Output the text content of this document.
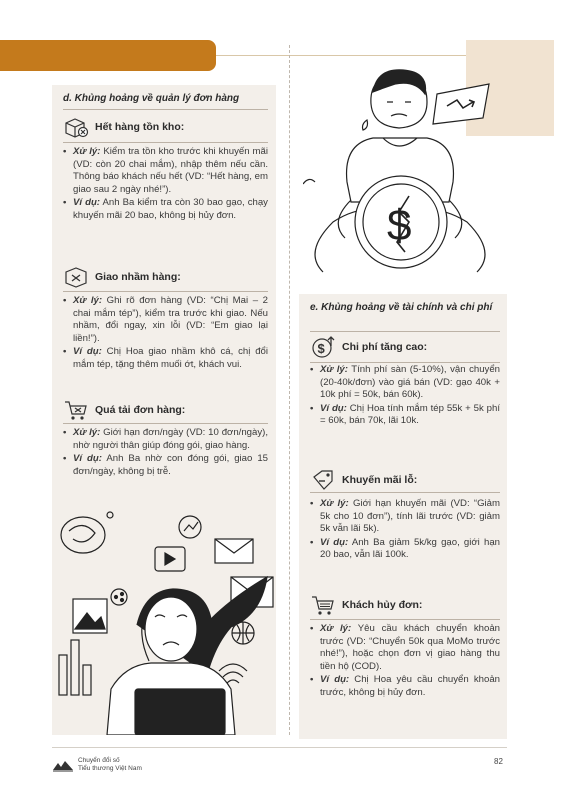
d. Khủng hoảng về quản lý đơn hàng
Hết hàng tồn kho:
• Xử lý: Kiểm tra tồn kho trước khi khuyến mãi (VD: còn 20 chai mắm), nhập thêm nếu cần. Thông báo khách nếu hết (VD: “Hết hàng, em giao sau 2 ngày nhé!”).
• Ví dụ: Anh Ba kiểm tra còn 30 bao gạo, chạy khuyến mãi 20 bao, không bị hủy đơn.
Giao nhầm hàng:
• Xử lý: Ghi rõ đơn hàng (VD: “Chị Mai – 2 chai mắm tép”), kiểm tra trước khi giao. Nếu nhầm, đổi ngay, xin lỗi (VD: “Em giao lại liền!”).
• Ví dụ: Chị Hoa giao nhầm khô cá, chị đổi mắm tép, tặng thêm muối ớt, khách vui.
Quá tải đơn hàng:
• Xử lý: Giới hạn đơn/ngày (VD: 10 đơn/ngày), nhờ người thân giúp đóng gói, giao hàng.
• Ví dụ: Anh Ba nhờ con đóng gói, giao 15 đơn/ngày, không bị trễ.
$
e. Khủng hoảng về tài chính và chi phí
$ Chi phí tăng cao:
• Xử lý: Tính phí sàn (5-10%), vận chuyển (20-40k/đơn) vào giá bán (VD: gạo 40k + 10k phí = 50k, bán 60k).
• Ví dụ: Chị Hoa tính mắm tép 55k + 5k phí = 60k, bán 70k, lãi 10k.
Khuyến mãi lỗ:
• Xử lý: Giới hạn khuyến mãi (VD: “Giảm 5k cho 10 đơn”), tính lãi trước (VD: giảm 5k vẫn lãi 5k).
• Ví dụ: Anh Ba giảm 5k/kg gạo, giới hạn 20 bao, vẫn lãi 100k.
Khách hủy đơn:
• Xử lý: Yêu cầu khách chuyển khoản trước (VD: “Chuyển 50k qua MoMo trước nhé!”), hoặc chọn đơn vị giao hàng thu tiền hộ (COD).
• Ví dụ: Chị Hoa yêu cầu chuyển khoản trước, không bị hủy đơn.
Chuyển đổi số
Tiểu thương Việt Nam
82
